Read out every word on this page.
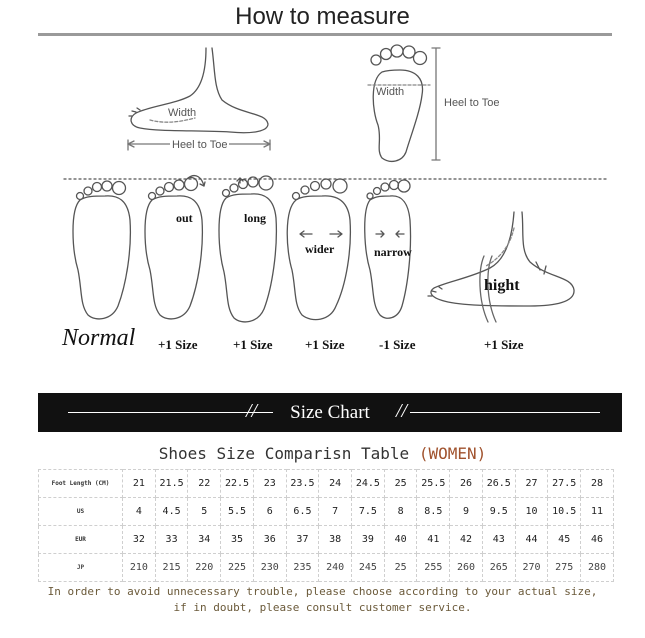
How to measure
Width
Heel to Toe
Width
Heel to Toe
out	long
wider	narrow
hight
Normal +1 Size	+1 Size +1 Size	-1 Size	+1 Size
//	//
Size Chart
Shoes Size Comparisn Table (WOMEN)
Foot Length (CM)	21	21.5	22	22.5	23	23.5	24	24.5	25	25.5	26	26.5	27	27.5	28
US	4	4.5	5	5.5	6	6.5	7	7.5	8	8.5	9	9.5	10	10.5	11
EUR	32	33	34	35	36	37	38	39	40	41	42	43	44	45	46
JP	210	215	220	225	230	235	240	245	25	255	260	265	270	275	280
In order to avoid unnecessary trouble, please choose according to your actual size,
if in doubt, please consult customer service.
